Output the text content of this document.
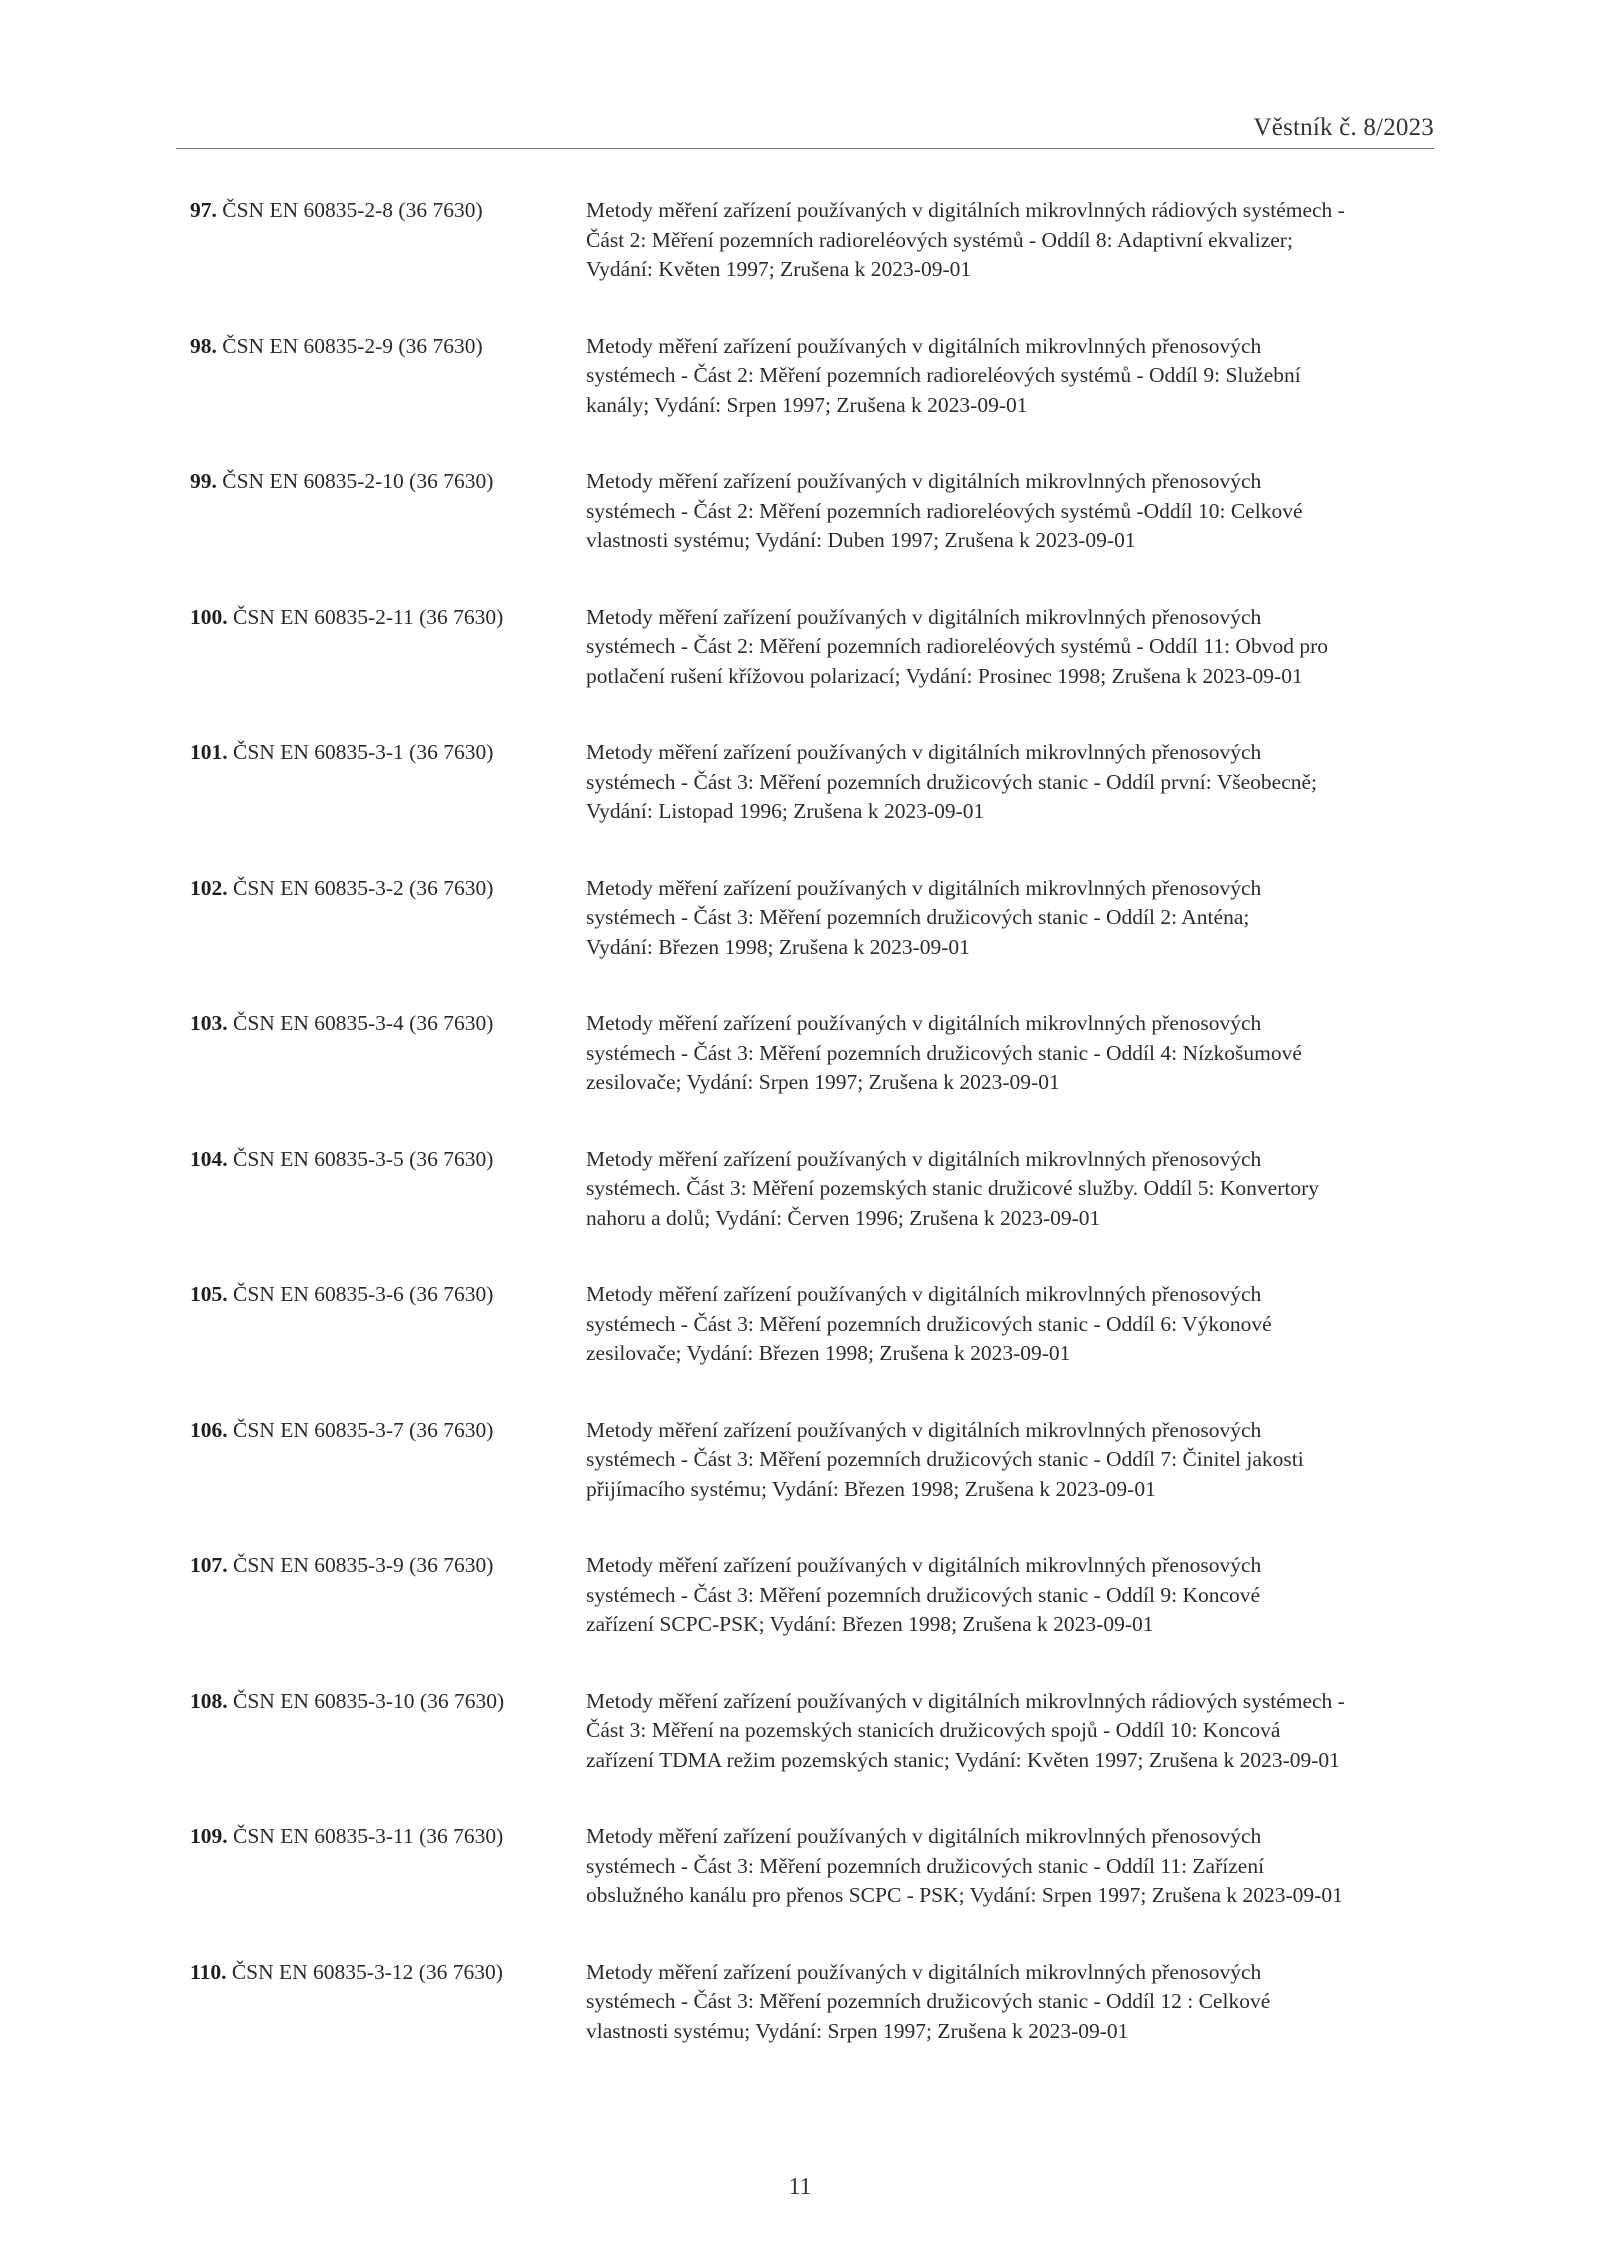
Věstník č. 8/2023
97. ČSN EN 60835-2-8 (36 7630)	Metody měření zařízení používaných v digitálních mikrovlnných rádiových systémech -
Část 2: Měření pozemních radioreléových systémů - Oddíl 8: Adaptivní ekvalizer;
Vydání: Květen 1997; Zrušena k 2023-09-01
98. ČSN EN 60835-2-9 (36 7630)	Metody měření zařízení používaných v digitálních mikrovlnných přenosových
systémech - Část 2: Měření pozemních radioreléových systémů - Oddíl 9: Služební
kanály; Vydání: Srpen 1997; Zrušena k 2023-09-01
99. ČSN EN 60835-2-10 (36 7630)	Metody měření zařízení používaných v digitálních mikrovlnných přenosových
systémech - Část 2: Měření pozemních radioreléových systémů -Oddíl 10: Celkové
vlastnosti systému; Vydání: Duben 1997; Zrušena k 2023-09-01
100. ČSN EN 60835-2-11 (36 7630)	Metody měření zařízení používaných v digitálních mikrovlnných přenosových
systémech - Část 2: Měření pozemních radioreléových systémů - Oddíl 11: Obvod pro
potlačení rušení křížovou polarizací; Vydání: Prosinec 1998; Zrušena k 2023-09-01
101. ČSN EN 60835-3-1 (36 7630)	Metody měření zařízení používaných v digitálních mikrovlnných přenosových
systémech - Část 3: Měření pozemních družicových stanic - Oddíl první: Všeobecně;
Vydání: Listopad 1996; Zrušena k 2023-09-01
102. ČSN EN 60835-3-2 (36 7630)	Metody měření zařízení používaných v digitálních mikrovlnných přenosových
systémech - Část 3: Měření pozemních družicových stanic - Oddíl 2: Anténa;
Vydání: Březen 1998; Zrušena k 2023-09-01
103. ČSN EN 60835-3-4 (36 7630)	Metody měření zařízení používaných v digitálních mikrovlnných přenosových
systémech - Část 3: Měření pozemních družicových stanic - Oddíl 4: Nízkošumové
zesilovače; Vydání: Srpen 1997; Zrušena k 2023-09-01
104. ČSN EN 60835-3-5 (36 7630)	Metody měření zařízení používaných v digitálních mikrovlnných přenosových
systémech. Část 3: Měření pozemských stanic družicové služby. Oddíl 5: Konvertory
nahoru a dolů; Vydání: Červen 1996; Zrušena k 2023-09-01
105. ČSN EN 60835-3-6 (36 7630)	Metody měření zařízení používaných v digitálních mikrovlnných přenosových
systémech - Část 3: Měření pozemních družicových stanic - Oddíl 6: Výkonové
zesilovače; Vydání: Březen 1998; Zrušena k 2023-09-01
106. ČSN EN 60835-3-7 (36 7630)	Metody měření zařízení používaných v digitálních mikrovlnných přenosových
systémech - Část 3: Měření pozemních družicových stanic - Oddíl 7: Činitel jakosti
přijímacího systému; Vydání: Březen 1998; Zrušena k 2023-09-01
107. ČSN EN 60835-3-9 (36 7630)	Metody měření zařízení používaných v digitálních mikrovlnných přenosových
systémech - Část 3: Měření pozemních družicových stanic - Oddíl 9: Koncové
zařízení SCPC-PSK; Vydání: Březen 1998; Zrušena k 2023-09-01
108. ČSN EN 60835-3-10 (36 7630)	Metody měření zařízení používaných v digitálních mikrovlnných rádiových systémech -
Část 3: Měření na pozemských stanicích družicových spojů - Oddíl 10: Koncová
zařízení TDMA režim pozemských stanic; Vydání: Květen 1997; Zrušena k 2023-09-01
109. ČSN EN 60835-3-11 (36 7630)	Metody měření zařízení používaných v digitálních mikrovlnných přenosových
systémech - Část 3: Měření pozemních družicových stanic - Oddíl 11: Zařízení
obslužného kanálu pro přenos SCPC - PSK; Vydání: Srpen 1997; Zrušena k 2023-09-01
110. ČSN EN 60835-3-12 (36 7630)	Metody měření zařízení používaných v digitálních mikrovlnných přenosových
systémech - Část 3: Měření pozemních družicových stanic - Oddíl 12 : Celkové
vlastnosti systému; Vydání: Srpen 1997; Zrušena k 2023-09-01
11
